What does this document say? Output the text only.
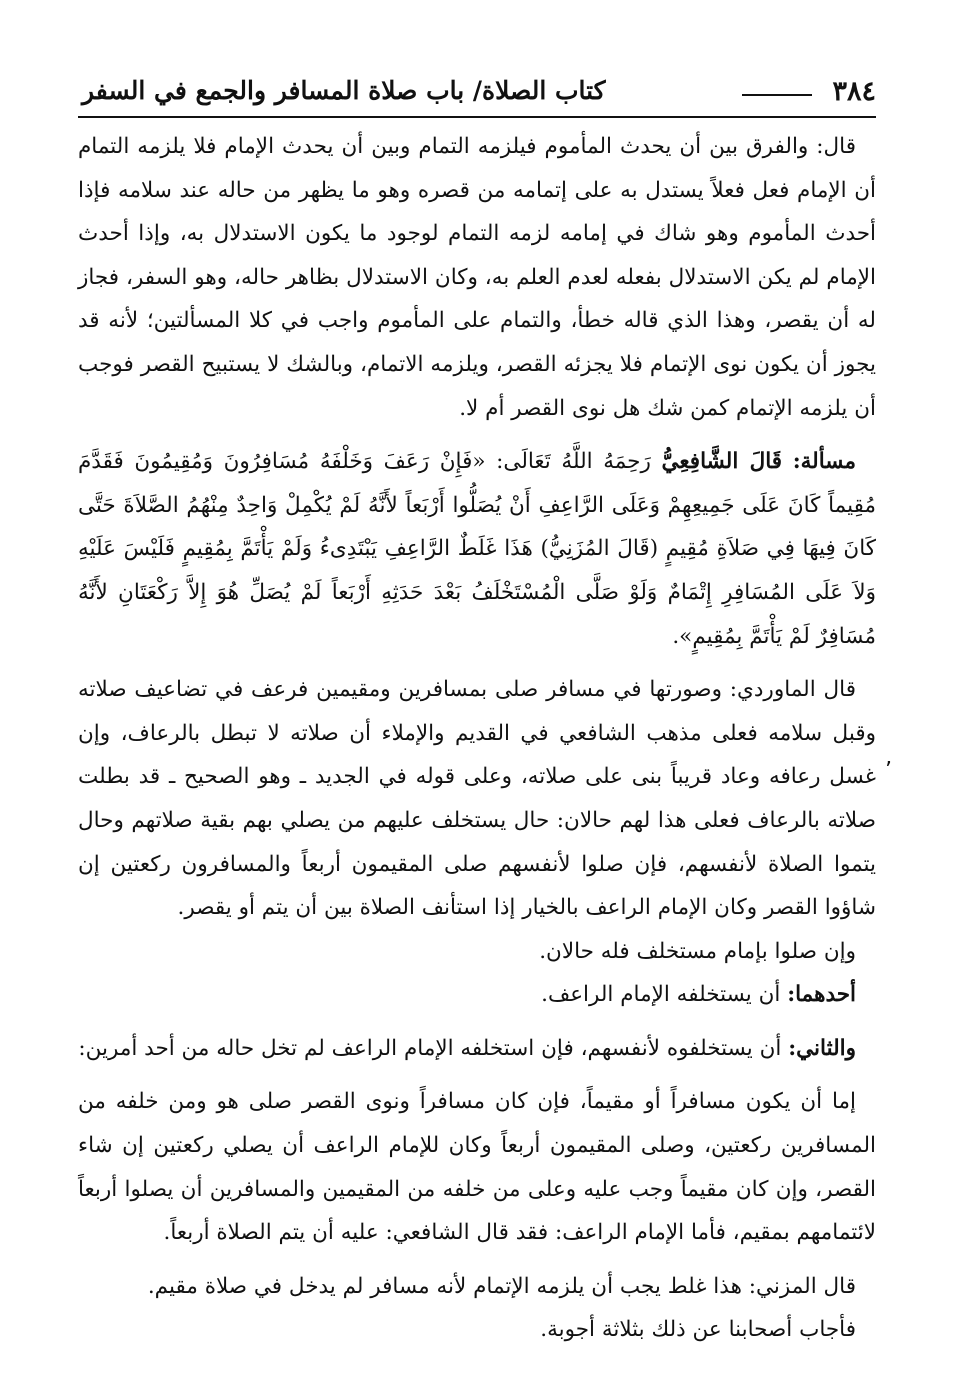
٣٨٤
كتاب الصلاة/ باب صلاة المسافر والجمع في السفر

قال: والفرق بين أن يحدث المأموم فيلزمه التمام وبين أن يحدث الإمام فلا يلزمه التمام أن الإمام فعل فعلاً يستدل به على إتمامه من قصره وهو ما يظهر من حاله عند سلامه فإذا أحدث المأموم وهو شاك في إمامه لزمه التمام لوجود ما يكون الاستدلال به، وإذا أحدث الإمام لم يكن الاستدلال بفعله لعدم العلم به، وكان الاستدلال بظاهر حاله، وهو السفر، فجاز له أن يقصر، وهذا الذي قاله خطأ، والتمام على المأموم واجب في كلا المسألتين؛ لأنه قد يجوز أن يكون نوى الإتمام فلا يجزئه القصر، ويلزمه الاتمام، وبالشك لا يستبيح القصر فوجب أن يلزمه الإتمام كمن شك هل نوى القصر أم لا.

مسألة: قَالَ الشَّافِعِيُّ رَحِمَهُ اللَّهُ تَعَالَى: «فَإِنْ رَعَفَ وَخَلْفَهُ مُسَافِرُونَ وَمُقِيمُونَ فَقَدَّمَ مُقِيماً كَانَ عَلَى جَمِيعِهِمْ وَعَلَى الرَّاعِفِ أَنْ يُصَلُّوا أَرْبَعاً لأَنَّهُ لَمْ يُكْمِلْ وَاحِدٌ مِنْهُمُ الصَّلاَةَ حَتَّى كَانَ فِيهَا فِي صَلاَةِ مُقِيمٍ (قَالَ المُزَنِيُّ) هَذَا غَلَطٌ الرَّاعِفِ يَبْتَدِىءُ وَلَمْ يَأْتَمَّ بِمُقِيمٍ فَلَيْسَ عَلَيْهِ وَلاَ عَلَى المُسَافِرِ إِتْمَامٌ وَلَوْ صَلَّى الْمُسْتَخْلَفُ بَعْدَ حَدَثِهِ أَرْبَعاً لَمْ يُصَلِّ هُوَ إِلاَّ رَكْعَتَانِ لأَنَّهُ مُسَافِرٌ لَمْ يَأْتَمَّ بِمُقِيمٍ».

قال الماوردي: وصورتها في مسافر صلى بمسافرين ومقيمين فرعف في تضاعيف صلاته وقبل سلامه فعلى مذهب الشافعي في القديم والإملاء أن صلاته لا تبطل بالرعاف، وإن غسل رعافه وعاد قريباً بنى على صلاته، وعلى قوله في الجديد ـ وهو الصحيح ـ قد بطلت صلاته بالرعاف فعلى هذا لهم حالان: حال يستخلف عليهم من يصلي بهم بقية صلاتهم وحال يتموا الصلاة لأنفسهم، فإن صلوا لأنفسهم صلى المقيمون أربعاً والمسافرون ركعتين إن شاؤوا القصر وكان الإمام الراعف بالخيار إذا استأنف الصلاة بين أن يتم أو يقصر.

وإن صلوا بإمام مستخلف فله حالان.

أحدهما: أن يستخلفه الإمام الراعف.

والثاني: أن يستخلفوه لأنفسهم، فإن استخلفه الإمام الراعف لم تخل حاله من أحد أمرين:

إما أن يكون مسافراً أو مقيماً، فإن كان مسافراً ونوى القصر صلى هو ومن خلفه من المسافرين ركعتين، وصلى المقيمون أربعاً وكان للإمام الراعف أن يصلي ركعتين إن شاء القصر، وإن كان مقيماً وجب عليه وعلى من خلفه من المقيمين والمسافرين أن يصلوا أربعاً لائتمامهم بمقيم، فأما الإمام الراعف: فقد قال الشافعي: عليه أن يتم الصلاة أربعاً.

قال المزني: هذا غلط يجب أن يلزمه الإتمام لأنه مسافر لم يدخل في صلاة مقيم.

فأجاب أصحابنا عن ذلك بثلاثة أجوبة.

٬
